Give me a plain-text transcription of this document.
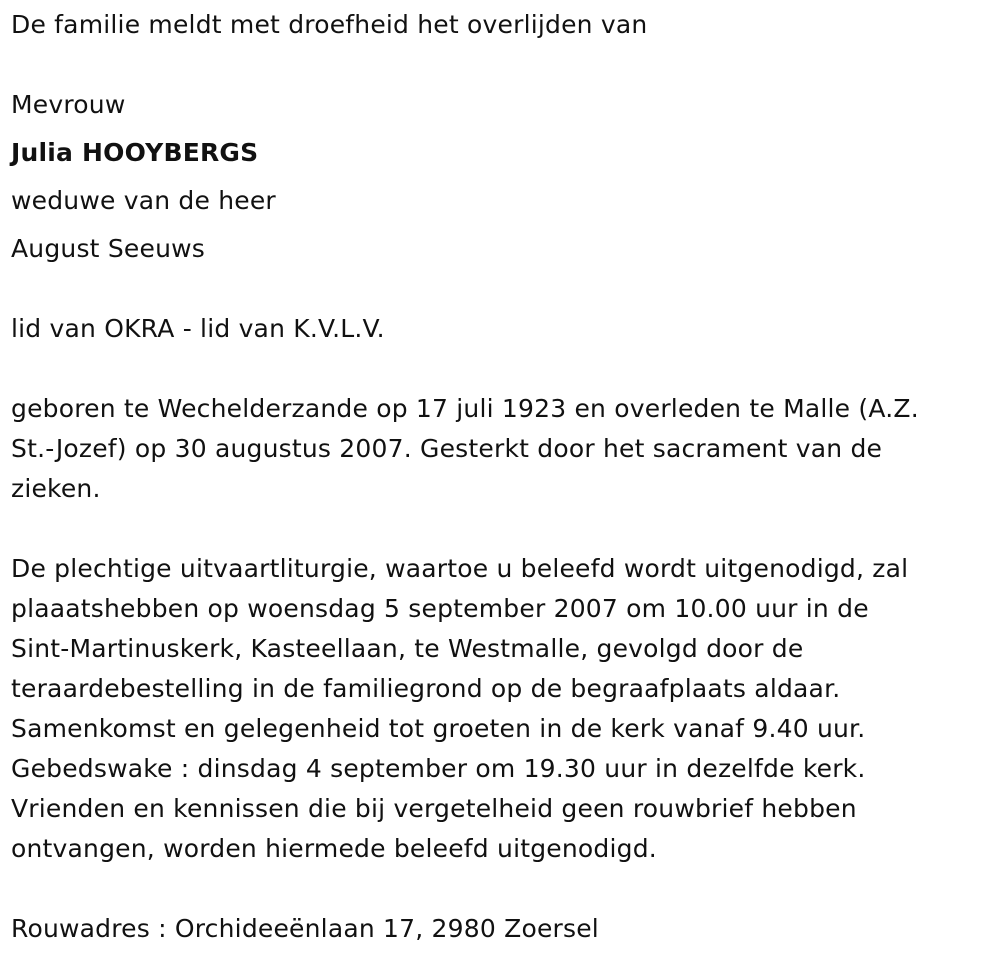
De familie meldt met droefheid het overlijden van
Mevrouw
Julia HOOYBERGS
weduwe van de heer
August Seeuws
lid van OKRA - lid van K.V.L.V.
geboren te Wechelderzande op 17 juli 1923 en overleden te Malle (A.Z.
St.-Jozef) op 30 augustus 2007. Gesterkt door het sacrament van de
zieken.
De plechtige uitvaartliturgie, waartoe u beleefd wordt uitgenodigd, zal
plaaatshebben op woensdag 5 september 2007 om 10.00 uur in de
Sint-Martinuskerk, Kasteellaan, te Westmalle, gevolgd door de
teraardebestelling in de familiegrond op de begraafplaats aldaar.
Samenkomst en gelegenheid tot groeten in de kerk vanaf 9.40 uur.
Gebedswake : dinsdag 4 september om 19.30 uur in dezelfde kerk.
Vrienden en kennissen die bij vergetelheid geen rouwbrief hebben
ontvangen, worden hiermede beleefd uitgenodigd.
Rouwadres : Orchideeënlaan 17, 2980 Zoersel
